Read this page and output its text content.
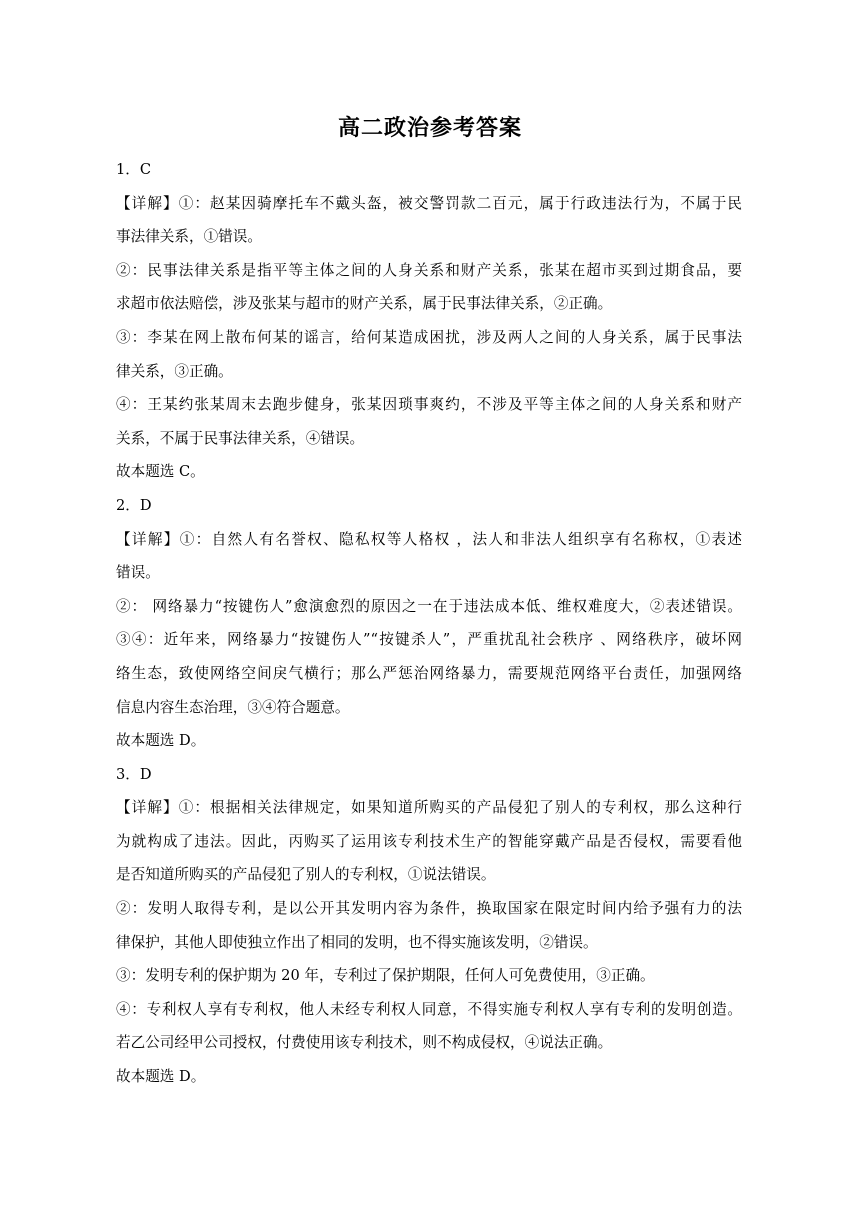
高二政治参考答案
1．C
【详解】①：赵某因骑摩托车不戴头盔，被交警罚款二百元，属于行政违法行为，不属于民
事法律关系，①错误。
②：民事法律关系是指平等主体之间的人身关系和财产关系，张某在超市买到过期食品，要
求超市依法赔偿，涉及张某与超市的财产关系，属于民事法律关系，②正确。
③：李某在网上散布何某的谣言，给何某造成困扰，涉及两人之间的人身关系，属于民事法
律关系，③正确。
④：王某约张某周末去跑步健身，张某因琐事爽约，不涉及平等主体之间的人身关系和财产
关系，不属于民事法律关系，④错误。
故本题选 C。
2．D
【详解】①：自然人有名誉权、隐私权等人格权 ，法人和非法人组织享有名称权，①表述
错误。
②： 网络暴力“按键伤人”愈演愈烈的原因之一在于违法成本低、维权难度大，②表述错误。
③④：近年来，网络暴力“按键伤人”“按键杀人”，严重扰乱社会秩序 、网络秩序，破坏网
络生态，致使网络空间戾气横行；那么严惩治网络暴力，需要规范网络平台责任，加强网络
信息内容生态治理，③④符合题意。
故本题选 D。
3．D
【详解】①：根据相关法律规定，如果知道所购买的产品侵犯了别人的专利权，那么这种行
为就构成了违法。因此，丙购买了运用该专利技术生产的智能穿戴产品是否侵权，需要看他
是否知道所购买的产品侵犯了别人的专利权，①说法错误。
②：发明人取得专利，是以公开其发明内容为条件，换取国家在限定时间内给予强有力的法
律保护，其他人即使独立作出了相同的发明，也不得实施该发明，②错误。
③：发明专利的保护期为 20 年，专利过了保护期限，任何人可免费使用，③正确。
④：专利权人享有专利权，他人未经专利权人同意，不得实施专利权人享有专利的发明创造。
若乙公司经甲公司授权，付费使用该专利技术，则不构成侵权，④说法正确。
故本题选 D。
